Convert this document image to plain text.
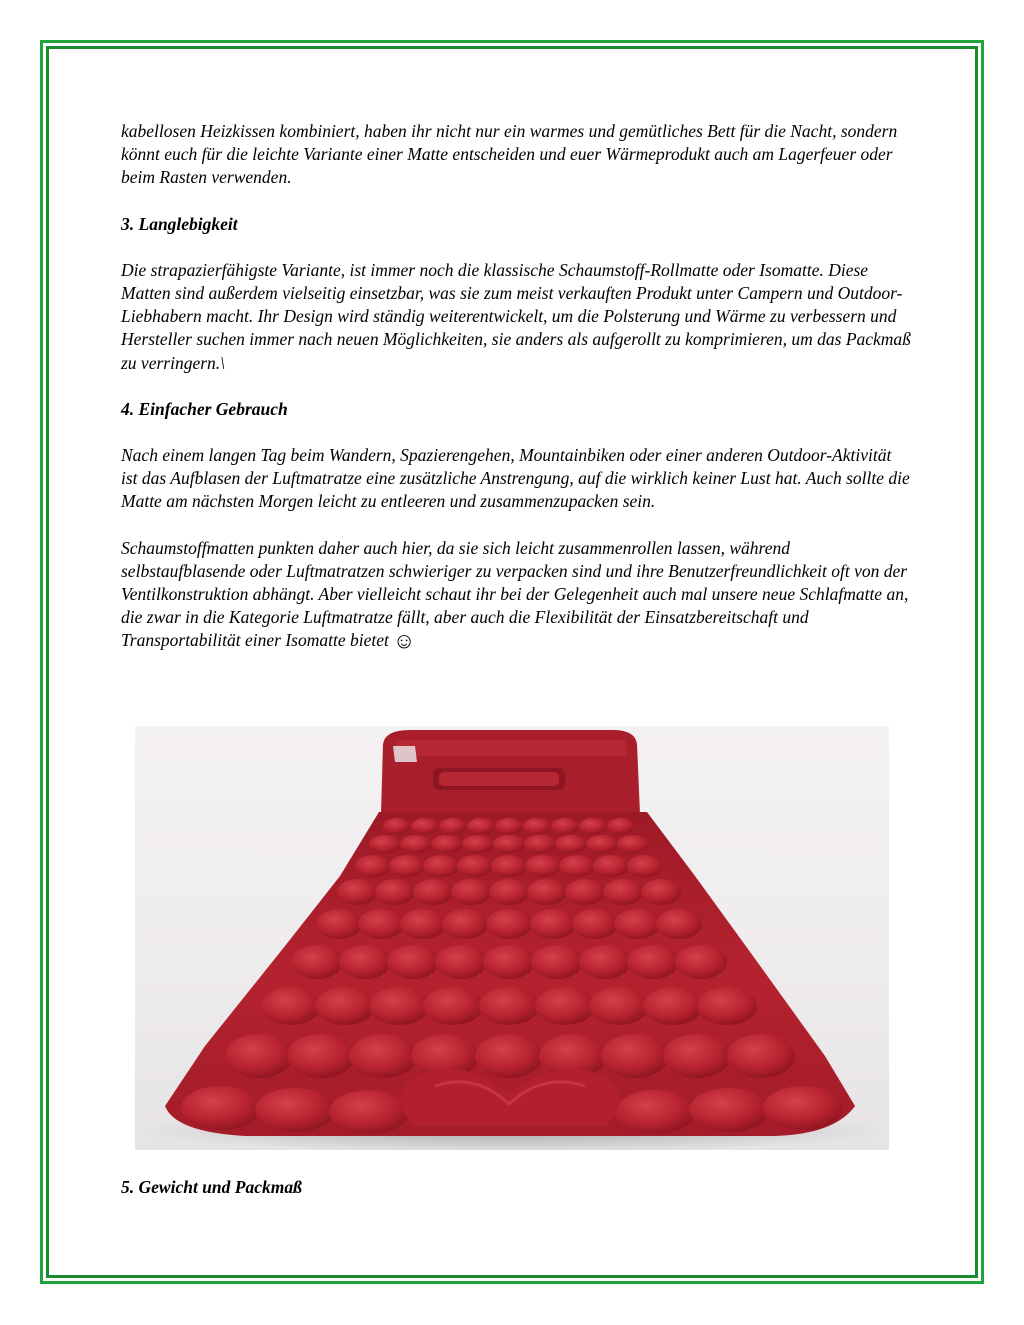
kabellosen Heizkissen kombiniert, haben ihr nicht nur ein warmes und gemütliches Bett für die Nacht, sondern könnt euch für die leichte Variante einer Matte entscheiden und euer Wärmeprodukt auch am Lagerfeuer oder beim Rasten verwenden.

3. Langlebigkeit

Die strapazierfähigste Variante, ist immer noch die klassische Schaumstoff-Rollmatte oder Isomatte. Diese Matten sind außerdem vielseitig einsetzbar, was sie zum meist verkauften Produkt unter Campern und Outdoor-Liebhabern macht. Ihr Design wird ständig weiterentwickelt, um die Polsterung und Wärme zu verbessern und Hersteller suchen immer nach neuen Möglichkeiten, sie anders als aufgerollt zu komprimieren, um das Packmaß zu verringern.\

4. Einfacher Gebrauch

Nach einem langen Tag beim Wandern, Spazierengehen, Mountainbiken oder einer anderen Outdoor-Aktivität ist das Aufblasen der Luftmatratze eine zusätzliche Anstrengung, auf die wirklich keiner Lust hat. Auch sollte die Matte am nächsten Morgen leicht zu entleeren und zusammenzupacken sein.

Schaumstoffmatten punkten daher auch hier, da sie sich leicht zusammenrollen lassen, während selbstaufblasende oder Luftmatratzen schwieriger zu verpacken sind und ihre Benutzerfreundlichkeit oft von der Ventilkonstruktion abhängt. Aber vielleicht schaut ihr bei der Gelegenheit auch mal unsere neue Schlafmatte an, die zwar in die Kategorie Luftmatratze fällt, aber auch die Flexibilität der Einsatzbereitschaft und Transportabilität einer Isomatte bietet ☺

5. Gewicht und Packmaß
